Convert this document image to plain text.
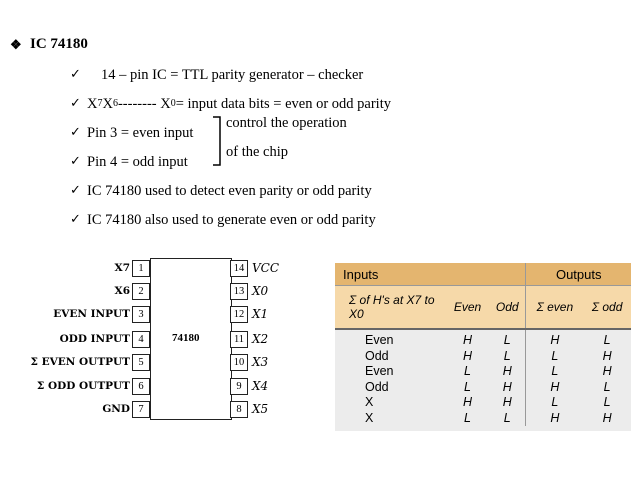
❖ IC 74180
✓	14 – pin IC = TTL parity generator – checker
✓ X 7 X 6 -------- X 0 = input data bits = even or odd parity
✓ Pin 3 = even input
✓ Pin 4 = odd input
✓ IC 74180 used to detect even parity or odd parity
✓ IC 74180 also used to generate even or odd parity
control the operation
of the chip
74180
X7 1
X6 2
EVEN INPUT 3
ODD INPUT 4
Σ EVEN OUTPUT 5
Σ ODD OUTPUT 6
GND 7
14 VCC
13 X0
12 X1
11 X2
10 X3
9 X4
8 X5
Inputs			Outputs	
Σ of H's at X7 to X0	Even	Odd	Σ even	Σ odd
Even	H	L	H	L
Odd	H	L	L	H
Even	L	H	L	H
Odd	L	H	H	L
X	H	H	L	L
X	L	L	H	H
